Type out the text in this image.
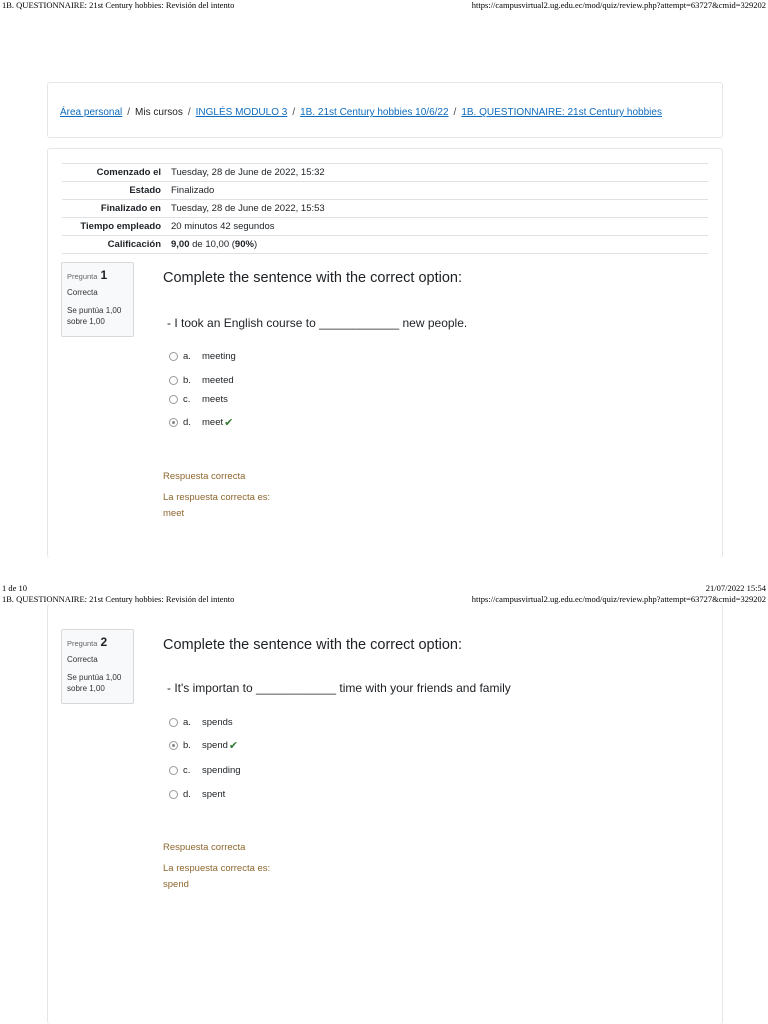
1B. QUESTIONNAIRE: 21st Century hobbies: Revisión del intento	https://campusvirtual2.ug.edu.ec/mod/quiz/review.php?attempt=63727&cmid=329202
Área personal / Mis cursos / INGLÉS MODULO 3 / 1B. 21st Century hobbies 10/6/22 / 1B. QUESTIONNAIRE: 21st Century hobbies
Comenzado el	Tuesday, 28 de June de 2022, 15:32
Estado	Finalizado
Finalizado en	Tuesday, 28 de June de 2022, 15:53
Tiempo empleado	20 minutos 42 segundos
Calificación	9,00 de 10,00 (90%)
Pregunta 1
Correcta
Se puntúa 1,00 sobre 1,00
Complete the sentence with the correct option:
- I took an English course to ____________ new people.
a.	meeting
b.	meeted
c.	meets
d.	meet ✔
Respuesta correcta
La respuesta correcta es:
meet
1 de 10	21/07/2022 15:54
1B. QUESTIONNAIRE: 21st Century hobbies: Revisión del intento	https://campusvirtual2.ug.edu.ec/mod/quiz/review.php?attempt=63727&cmid=329202
Pregunta 2
Correcta
Se puntúa 1,00 sobre 1,00
Complete the sentence with the correct option:
- It's importan to ____________ time with your friends and family
a.	spends
b.	spend ✔
c.	spending
d.	spent
Respuesta correcta
La respuesta correcta es:
spend
